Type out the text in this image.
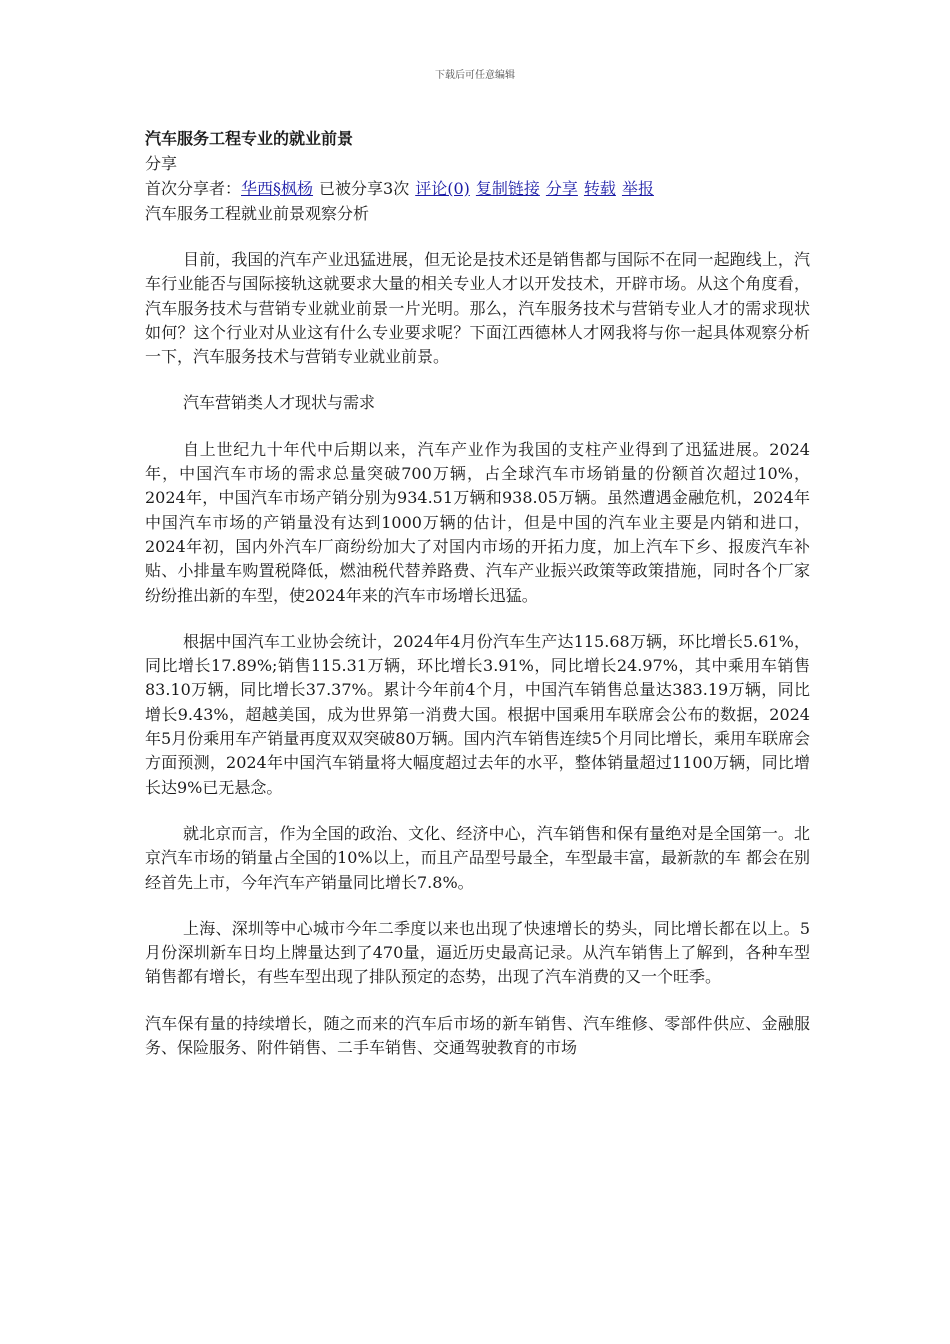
下载后可任意编辑
汽车服务工程专业的就业前景
分享
首次分享者：华西§枫杨 已被分享3次 评论(0) 复制链接 分享 转载 举报
汽车服务工程就业前景观察分析

目前，我国的汽车产业迅猛进展，但无论是技术还是销售都与国际不在同一起跑线上，汽车行业能否与国际接轨这就要求大量的相关专业人才以开发技术，开辟市场。从这个角度看，汽车服务技术与营销专业就业前景一片光明。那么，汽车服务技术与营销专业人才的需求现状如何？这个行业对从业这有什么专业要求呢？下面江西德林人才网我将与你一起具体观察分析一下，汽车服务技术与营销专业就业前景。

汽车营销类人才现状与需求

自上世纪九十年代中后期以来，汽车产业作为我国的支柱产业得到了迅猛进展。2024年，中国汽车市场的需求总量突破700万辆，占全球汽车市场销量的份额首次超过10%，2024年，中国汽车市场产销分别为934.51万辆和938.05万辆。虽然遭遇金融危机，2024年中国汽车市场的产销量没有达到1000万辆的估计，但是中国的汽车业主要是内销和进口，2024年初，国内外汽车厂商纷纷加大了对国内市场的开拓力度，加上汽车下乡、报废汽车补贴、小排量车购置税降低，燃油税代替养路费、汽车产业振兴政策等政策措施，同时各个厂家纷纷推出新的车型，使2024年来的汽车市场增长迅猛。

根据中国汽车工业协会统计，2024年4月份汽车生产达115.68万辆，环比增长5.61%，同比增长17.89%;销售115.31万辆，环比增长3.91%，同比增长24.97%，其中乘用车销售83.10万辆，同比增长37.37%。累计今年前4个月，中国汽车销售总量达383.19万辆，同比增长9.43%，超越美国，成为世界第一消费大国。根据中国乘用车联席会公布的数据，2024年5月份乘用车产销量再度双双突破80万辆。国内汽车销售连续5个月同比增长，乘用车联席会方面预测，2024年中国汽车销量将大幅度超过去年的水平，整体销量超过1100万辆，同比增长达9%已无悬念。

就北京而言，作为全国的政治、文化、经济中心，汽车销售和保有量绝对是全国第一。北京汽车市场的销量占全国的10%以上，而且产品型号最全，车型最丰富，最新款的车 都会在别经首先上市，今年汽车产销量同比增长7.8%。

上海、深圳等中心城市今年二季度以来也出现了快速增长的势头，同比增长都在以上。5月份深圳新车日均上牌量达到了470量，逼近历史最高记录。从汽车销售上了解到，各种车型销售都有增长，有些车型出现了排队预定的态势，出现了汽车消费的又一个旺季。

汽车保有量的持续增长，随之而来的汽车后市场的新车销售、汽车维修、零部件供应、金融服务、保险服务、附件销售、二手车销售、交通驾驶教育的市场
